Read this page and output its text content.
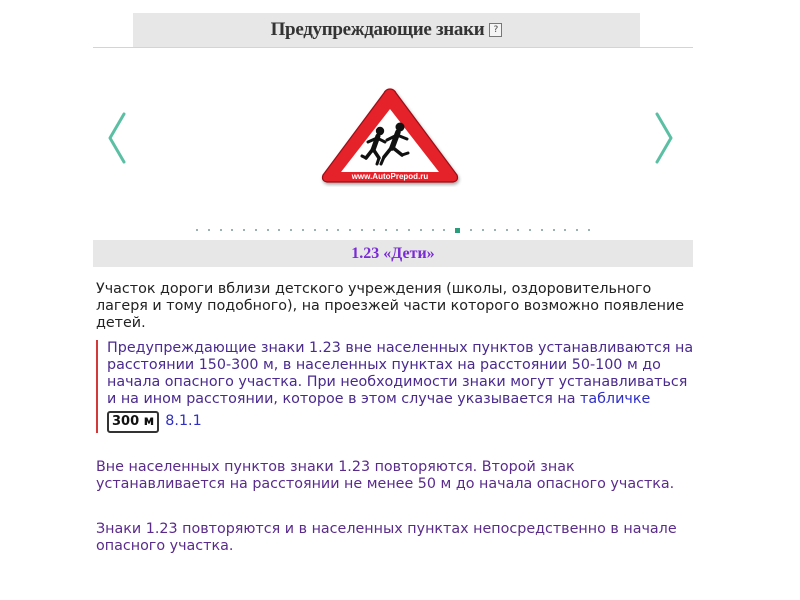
Предупреждающие знаки	?
www.AutoPrepod.ru
1.23 «Дети»

Участок дороги вблизи детского учреждения (школы, оздоровительного лагеря и тому подобного), на проезжей части которого возможно появление детей.

Предупреждающие знаки 1.23 вне населенных пунктов устанавливаются на расстоянии 150-300 м, в населенных пунктах на расстоянии 50-100 м до начала опасного участка. При необходимости знаки могут устанавливаться и на ином расстоянии, которое в этом случае указывается на табличке
300 м 8.1.1

Вне населенных пунктов знаки 1.23 повторяются. Второй знак устанавливается на расстоянии не менее 50 м до начала опасного участка.

Знаки 1.23 повторяются и в населенных пунктах непосредственно в начале опасного участка.
